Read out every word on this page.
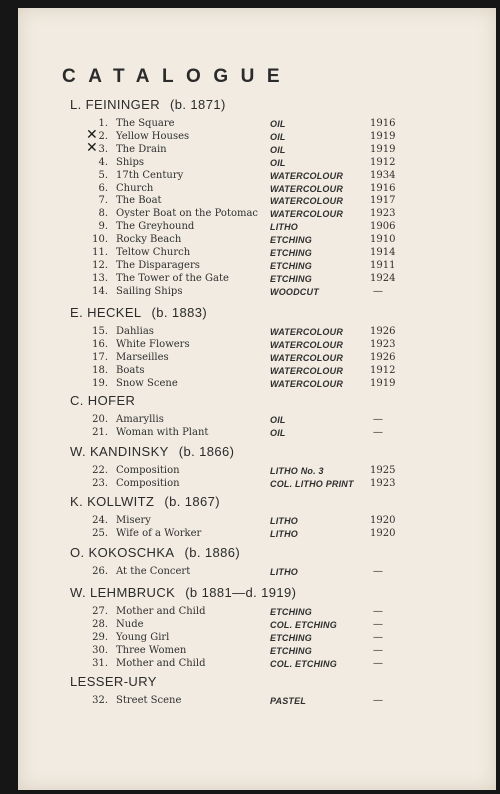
CATALOGUE
L. FEININGER (b. 1871)
1. The Square	OIL	1916
2. Yellow Houses	OIL	1919
✕
3. The Drain	OIL	1919
✕
4. Ships	OIL	1912
5. 17th Century	WATERCOLOUR	1934
6. Church	WATERCOLOUR	1916
7. The Boat	WATERCOLOUR	1917
8. Oyster Boat on the Potomac WATERCOLOUR	1923
9. The Greyhound	LITHO	1906
10. Rocky Beach	ETCHING	1910
11. Teltow Church	ETCHING	1914
12. The Disparagers	ETCHING	1911
13. The Tower of the Gate	ETCHING	1924
14. Sailing Ships	WOODCUT	—
E. HECKEL (b. 1883)
15. Dahlias	WATERCOLOUR	1926
16. White Flowers	WATERCOLOUR	1923
17. Marseilles	WATERCOLOUR	1926
18. Boats	WATERCOLOUR	1912
19. Snow Scene	WATERCOLOUR	1919
C. HOFER
20. Amaryllis	OIL	—
21. Woman with Plant	OIL	—
W. KANDINSKY (b. 1866)
22. Composition	LITHO No. 3	1925
23. Composition	COL. LITHO PRINT 1923
K. KOLLWITZ (b. 1867)
24. Misery	LITHO	1920
25. Wife of a Worker	LITHO	1920
O. KOKOSCHKA (b. 1886)
26. At the Concert	LITHO	—
W. LEHMBRUCK (b 1881—d. 1919)
27. Mother and Child	ETCHING	—
28. Nude	COL. ETCHING	—
29. Young Girl	ETCHING	—
30. Three Women	ETCHING	—
31. Mother and Child	COL. ETCHING	—
LESSER-URY
32. Street Scene	PASTEL	—
